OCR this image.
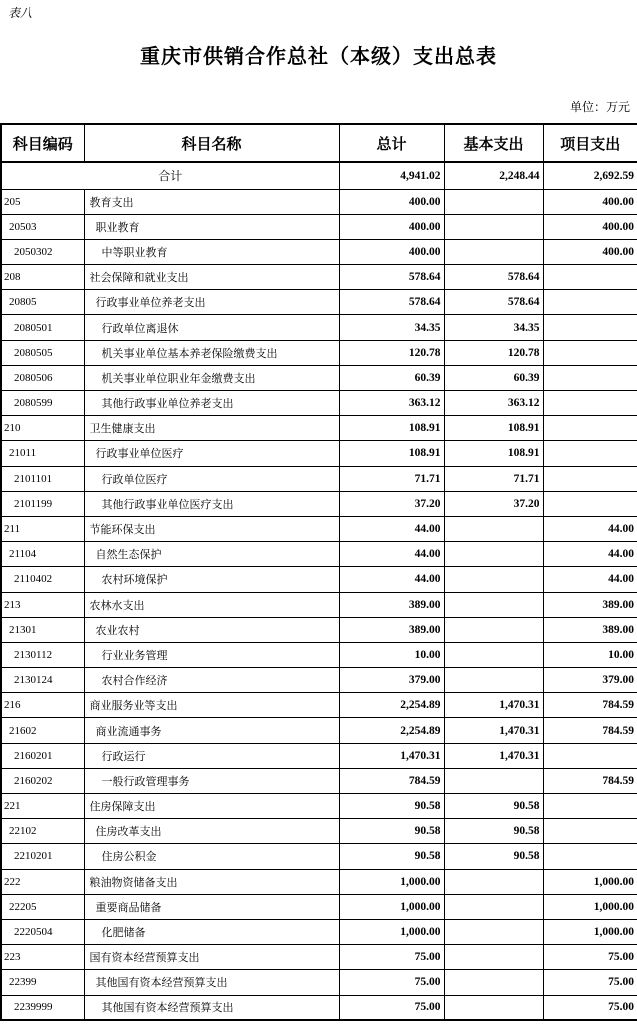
表八
重庆市供销合作总社（本级）支出总表
单位：万元
科目编码	科目名称	总计	基本支出	项目支出
合计		4,941.02	2,248.44	2,692.59
205	教育支出	400.00		400.00
20503	职业教育	400.00		400.00
2050302	中等职业教育	400.00		400.00
208	社会保障和就业支出	578.64	578.64	
20805	行政事业单位养老支出	578.64	578.64	
2080501	行政单位离退休	34.35	34.35	
2080505	机关事业单位基本养老保险缴费支出	120.78	120.78	
2080506	机关事业单位职业年金缴费支出	60.39	60.39	
2080599	其他行政事业单位养老支出	363.12	363.12	
210	卫生健康支出	108.91	108.91	
21011	行政事业单位医疗	108.91	108.91	
2101101	行政单位医疗	71.71	71.71	
2101199	其他行政事业单位医疗支出	37.20	37.20	
211	节能环保支出	44.00		44.00
21104	自然生态保护	44.00		44.00
2110402	农村环境保护	44.00		44.00
213	农林水支出	389.00		389.00
21301	农业农村	389.00		389.00
2130112	行业业务管理	10.00		10.00
2130124	农村合作经济	379.00		379.00
216	商业服务业等支出	2,254.89	1,470.31	784.59
21602	商业流通事务	2,254.89	1,470.31	784.59
2160201	行政运行	1,470.31	1,470.31	
2160202	一般行政管理事务	784.59		784.59
221	住房保障支出	90.58	90.58	
22102	住房改革支出	90.58	90.58	
2210201	住房公积金	90.58	90.58	
222	粮油物资储备支出	1,000.00		1,000.00
22205	重要商品储备	1,000.00		1,000.00
2220504	化肥储备	1,000.00		1,000.00
223	国有资本经营预算支出	75.00		75.00
22399	其他国有资本经营预算支出	75.00		75.00
2239999	其他国有资本经营预算支出	75.00		75.00
